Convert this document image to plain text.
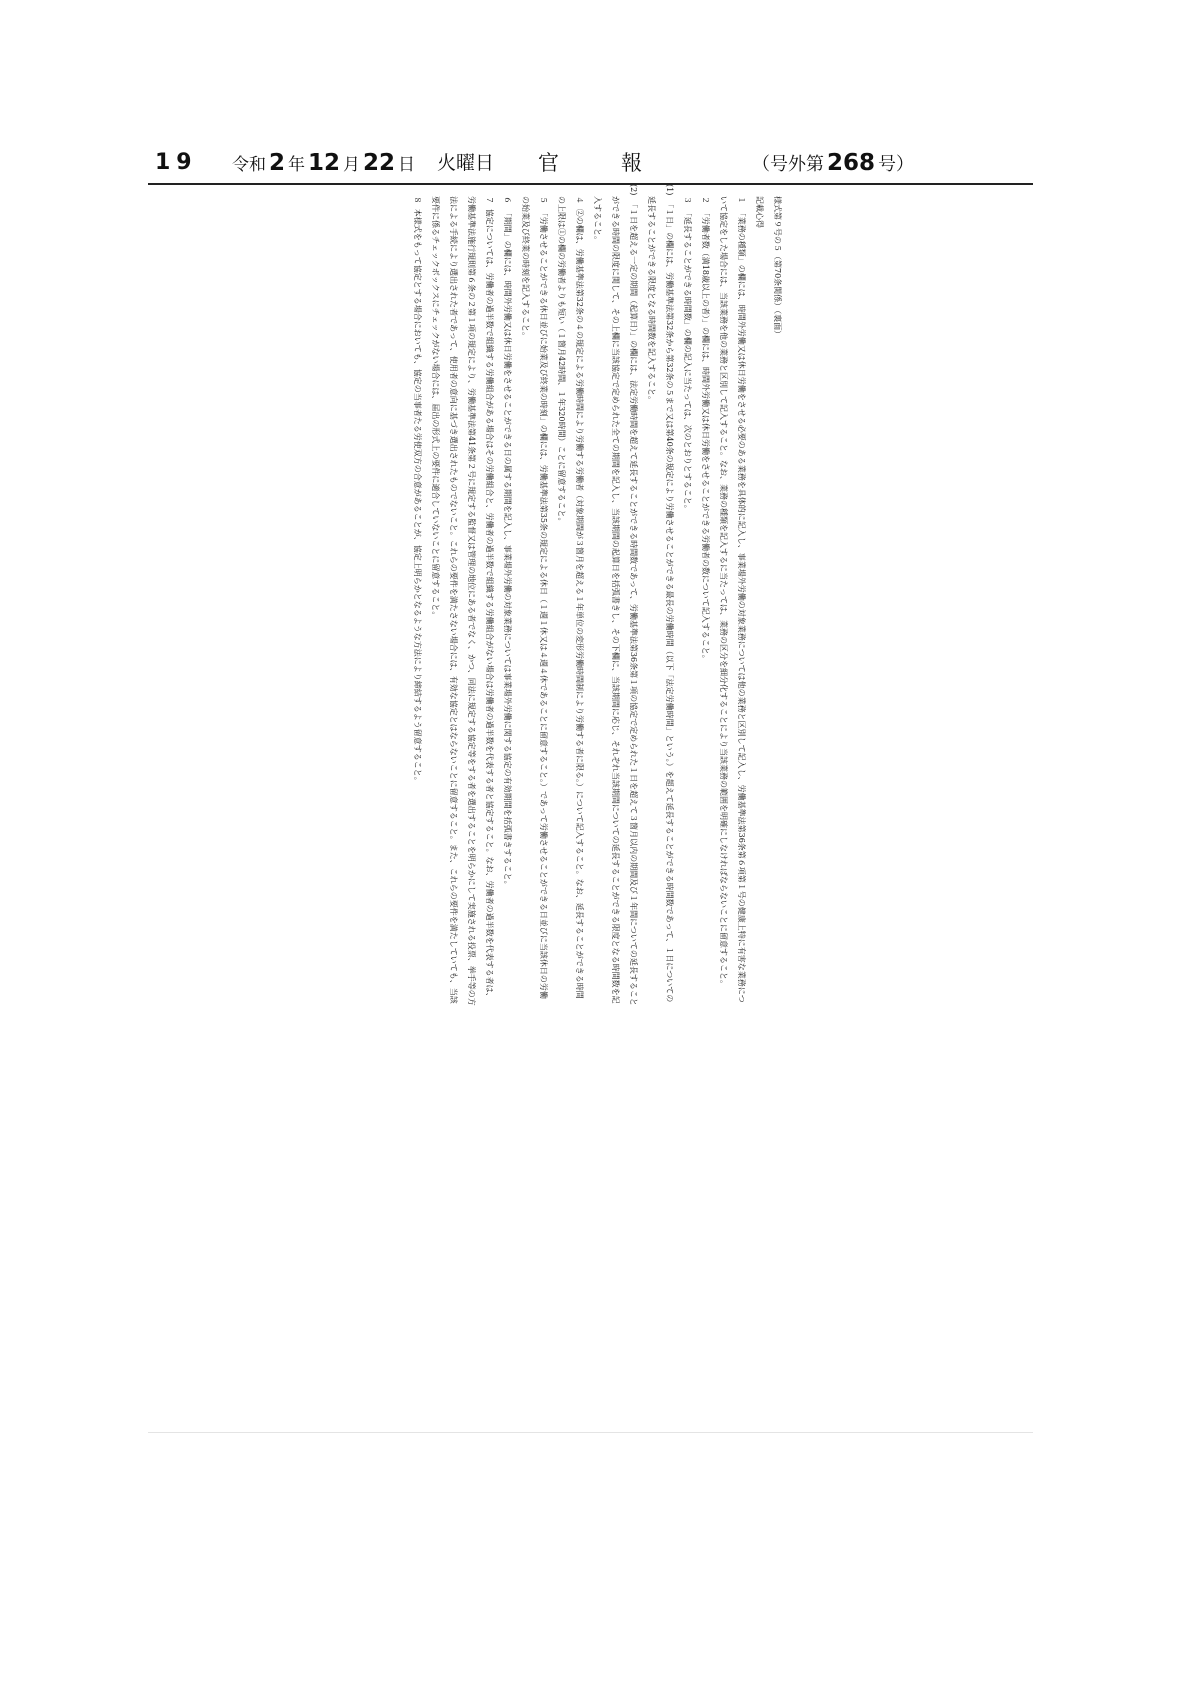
19 令和 2 年 12 月 22 日 火曜日 官	報	（号外第 268 号）

様式第９号の５（第70条関係）（裏面）

記載心得

１「業務の種類」の欄には、時間外労働又は休日労働をさせる必要のある業務を具体的に記入し、事業場外労働の対象業務については他の業務と区別して記入し、労働基準法第36条第６項第１号の健康上特に有害な業務について協定をした場合には、当該業務を他の業務と区別して記入すること。なお、業務の種類を記入するに当たっては、業務の区分を細分化することにより当該業務の範囲を明確にしなければならないことに留意すること。

２「労働者数（満18歳以上の者）」の欄には、時間外労働又は休日労働をさせることができる労働者の数について記入すること。

３「延長することができる時間数」の欄の記入に当たっては、次のとおりとすること。

(1)「１日」の欄には、労働基準法第32条から第32条の５まで又は第40条の規定により労働させることができる最長の労働時間（以下「法定労働時間」という。）を超えて延長することができる時間数であって、１日についての延長することができる限度となる時間数を記入すること。

(2)「１日を超える一定の期間（起算日）」の欄には、法定労働時間を超えて延長することができる時間数であって、労働基準法第36条第１項の協定で定められた１日を超えて３箇月以内の期間及び１年間についての延長することができる時間の限度に関して、その上欄に当該協定で定められた全ての期間を記入し、当該期間の起算日を括弧書きし、その下欄に、当該期間に応じ、それぞれ当該期間についての延長することができる限度となる時間数を記入すること。

４②の欄は、労働基準法第32条の４の規定による労働時間により労働する労働者（対象期間が３箇月を超える１年単位の変形労働時間制により労働する者に限る。）について記入すること。なお、延長することができる時間の上限は①の欄の労働者よりも短い（１箇月42時間、１年320時間）ことに留意すること。

５「労働させることができる休日並びに始業及び終業の時刻」の欄には、労働基準法第35条の規定による休日（１週１休又は４週４休であることに留意すること。）であって労働させることができる日並びに当該休日の労働の始業及び終業の時刻を記入すること。

６「期間」の欄には、時間外労働又は休日労働をさせることができる日の属する期間を記入し、事業場外労働の対象業務については事業場外労働に関する協定の有効期間を括弧書きすること。

７協定については、労働者の過半数で組織する労働組合がある場合はその労働組合と、労働者の過半数で組織する労働組合がない場合は労働者の過半数を代表する者と協定すること。なお、労働者の過半数を代表する者は、労働基準法施行規則第６条の２第１項の規定により、労働基準法第41条第２号に規定する監督又は管理の地位にある者でなく、かつ、同法に規定する協定等をする者を選出することを明らかにして実施される投票、挙手等の方法による手続により選出された者であって、使用者の意向に基づき選出されたものでないこと。これらの要件を満たさない場合には、有効な協定とはならないことに留意すること。また、これらの要件を満たしていても、当該要件に係るチェックボックスにチェックがない場合には、届出の形式上の要件に適合していないことに留意すること。

８本様式をもって協定とする場合においても、協定の当事者たる労使双方の合意があることが、協定上明らかとなるような方法により締結するよう留意すること。
